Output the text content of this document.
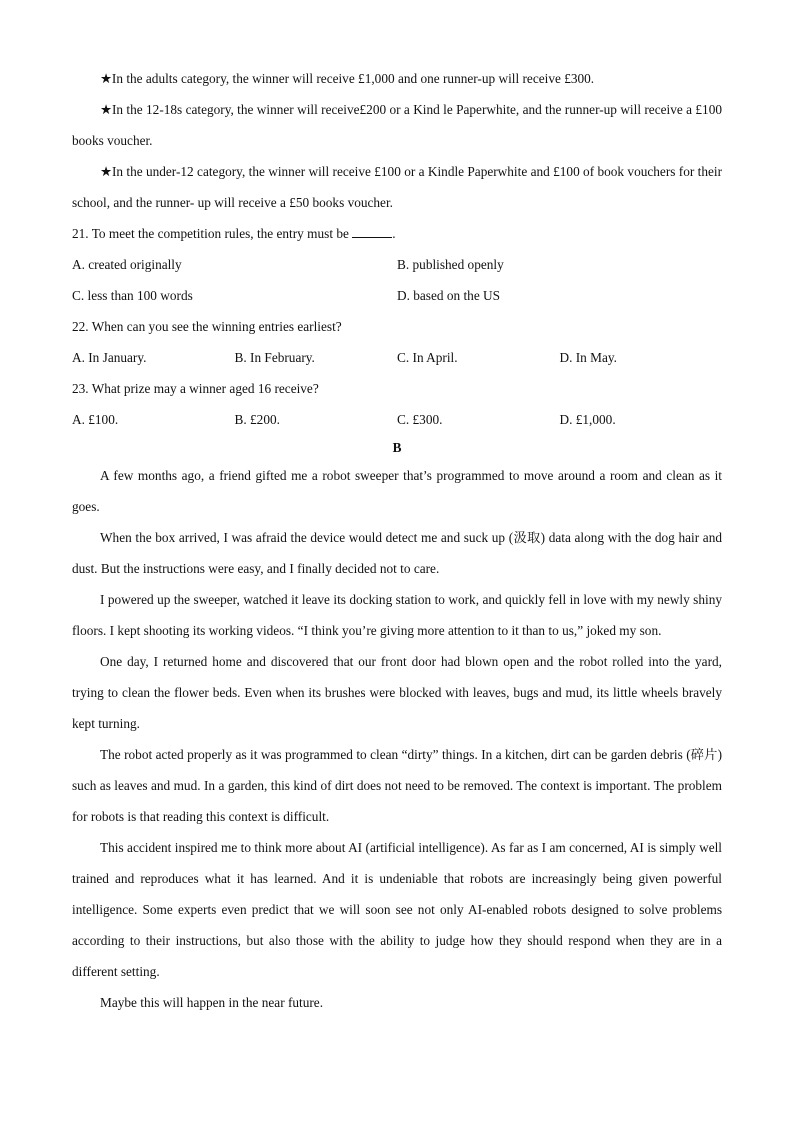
★In the adults category, the winner will receive £1,000 and one runner-up will receive £300.

★In the 12-18s category, the winner will receive£200 or a Kind le Paperwhite, and the runner-up will receive a £100 books voucher.

★In the under-12 category, the winner will receive £100 or a Kindle Paperwhite and £100 of book vouchers for their school, and the runner- up will receive a £50 books voucher.

21. To meet the competition rules, the entry must be	.

A. created originally	B. published openly
C. less than 100 words	D. based on the US

22. When can you see the winning entries earliest?

A. In January.	B. In February.	C. In April.	D. In May.

23. What prize may a winner aged 16 receive?

A. £100.	B. £200.	C. £300.	D. £1,000.
B

A few months ago, a friend gifted me a robot sweeper that’s programmed to move around a room and clean as it goes.

When the box arrived, I was afraid the device would detect me and suck up (汲取) data along with the dog hair and dust. But the instructions were easy, and I finally decided not to care.

I powered up the sweeper, watched it leave its docking station to work, and quickly fell in love with my newly shiny floors. I kept shooting its working videos. “I think you’re giving more attention to it than to us,” joked my son.

One day, I returned home and discovered that our front door had blown open and the robot rolled into the yard, trying to clean the flower beds. Even when its brushes were blocked with leaves, bugs and mud, its little wheels bravely kept turning.

The robot acted properly as it was programmed to clean “dirty” things. In a kitchen, dirt can be garden debris (碎片) such as leaves and mud. In a garden, this kind of dirt does not need to be removed. The context is important. The problem for robots is that reading this context is difficult.

This accident inspired me to think more about AI (artificial intelligence). As far as I am concerned, AI is simply well trained and reproduces what it has learned. And it is undeniable that robots are increasingly being given powerful intelligence. Some experts even predict that we will soon see not only AI-enabled robots designed to solve problems according to their instructions, but also those with the ability to judge how they should respond when they are in a different setting.

Maybe this will happen in the near future.
